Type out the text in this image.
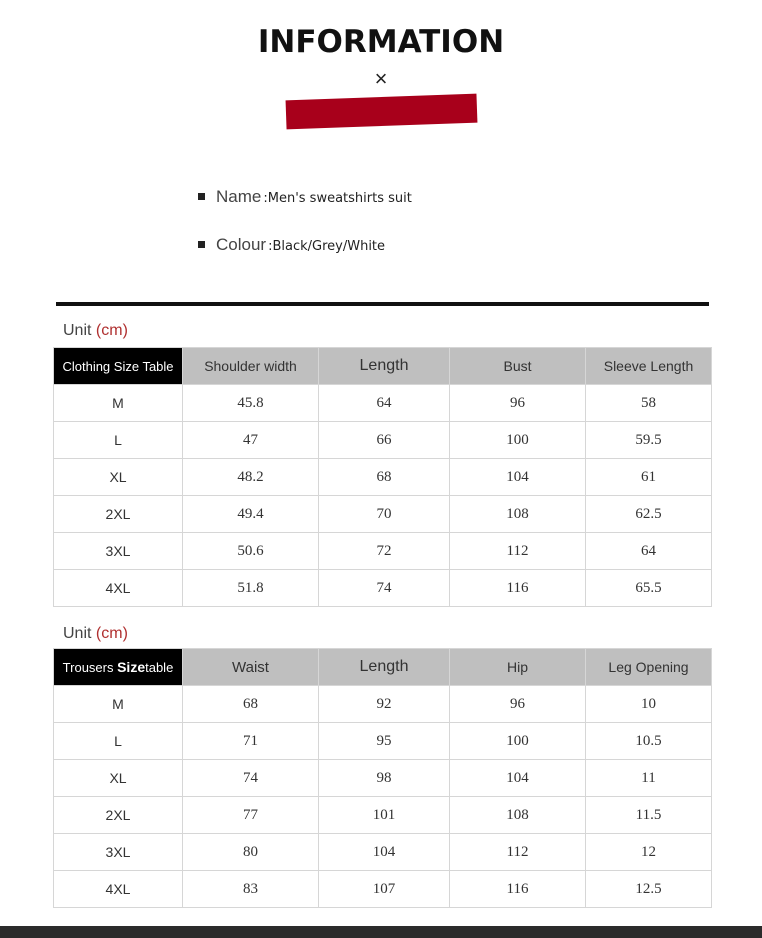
INFORMATION
×
Name :Men's sweatshirts suit
Colour :Black/Grey/White
Unit (cm)
Clothing Size Table	Shoulder width	Length	Bust	Sleeve Length
M	45.8	64	96	58
L	47	66	100	59.5
XL	48.2	68	104	61
2XL	49.4	70	108	62.5
3XL	50.6	72	112	64
4XL	51.8	74	116	65.5
Unit (cm)
Trousers Sizetable	Waist	Length	Hip	Leg Opening
M	68	92	96	10
L	71	95	100	10.5
XL	74	98	104	11
2XL	77	101	108	11.5
3XL	80	104	112	12
4XL	83	107	116	12.5
